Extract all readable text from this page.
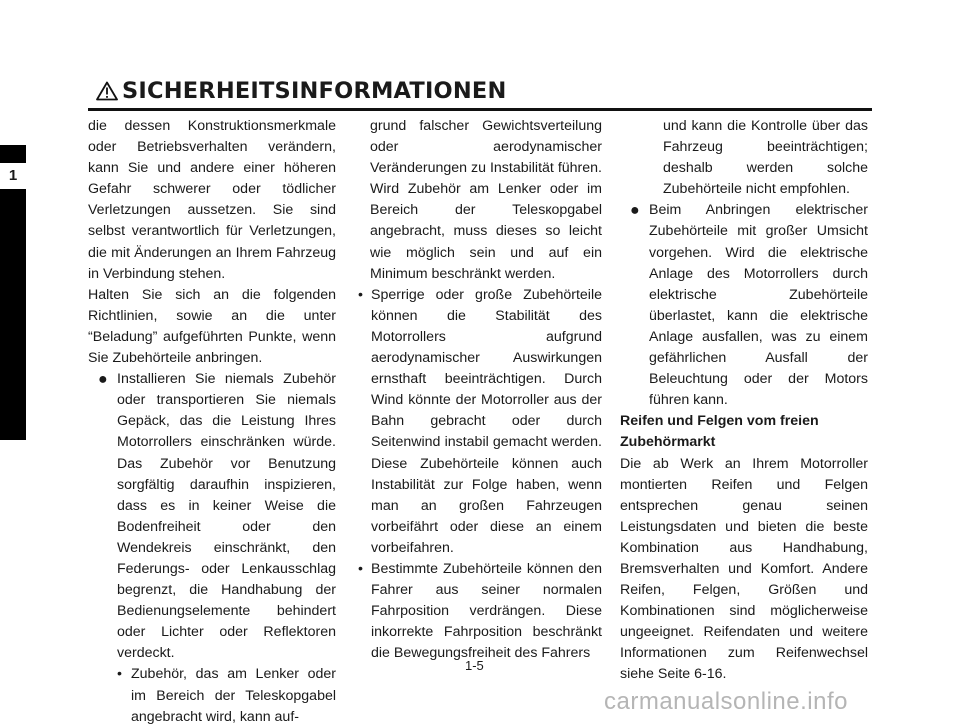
SICHERHEITSINFORMATIONEN
1

die dessen Konstruktionsmerkmale oder Betriebsverhalten verändern, kann Sie und andere einer höheren Gefahr schwerer oder tödlicher Verletzungen aussetzen. Sie sind selbst verantwortlich für Verletzungen, die mit Änderungen an Ihrem Fahrzeug in Verbindung stehen.

Halten Sie sich an die folgenden Richtlinien, sowie an die unter “Beladung” aufgeführten Punkte, wenn Sie Zubehörteile anbringen.

● Installieren Sie niemals Zubehör oder transportieren Sie niemals Gepäck, das die Leistung Ihres Motorrollers einschränken würde. Das Zubehör vor Benutzung sorgfältig daraufhin inspizieren, dass es in keiner Weise die Bodenfreiheit oder den Wendekreis einschränkt, den Federungs- oder Lenkausschlag begrenzt, die Handhabung der Bedienungselemente behindert oder Lichter oder Reflektoren verdeckt.
• Zubehör, das am Lenker oder im Bereich der Teleskopgabel angebracht wird, kann auf-

grund falscher Gewichtsverteilung oder aerodynamischer Veränderungen zu Instabilität führen. Wird Zubehör am Lenker oder im Bereich der Telesкopgabel angebracht, muss dieses so leicht wie möglich sein und auf ein Minimum beschränkt werden.

• Sperrige oder große Zubehörteile können die Stabilität des Motorrollers aufgrund aerodynamischer Auswirkungen ernsthaft beeinträchtigen. Durch Wind könnte der Motorroller aus der Bahn gebracht oder durch Seitenwind instabil gemacht werden. Diese Zubehörteile können auch Instabilität zur Folge haben, wenn man an großen Fahrzeugen vorbeifährt oder diese an einem vorbeifahren.
• Bestimmte Zubehörteile können den Fahrer aus seiner normalen Fahrposition verdrängen. Diese inkorrekte Fahrposition beschränkt die Bewegungsfreiheit des Fahrers

und kann die Kontrolle über das Fahrzeug beeinträchtigen; deshalb werden solche Zubehörteile nicht empfohlen.

● Beim Anbringen elektrischer Zubehörteile mit großer Umsicht vorgehen. Wird die elektrische Anlage des Motorrollers durch elektrische Zubehörteile überlastet, kann die elektrische Anlage ausfallen, was zu einem gefährlichen Ausfall der Beleuchtung oder der Motors führen kann.

Reifen und Felgen vom freien Zubehörmarkt

Die ab Werk an Ihrem Motorroller montierten Reifen und Felgen entsprechen genau seinen Leistungsdaten und bieten die beste Kombination aus Handhabung, Bremsverhalten und Komfort. Andere Reifen, Felgen, Größen und Kombinationen sind möglicherweise ungeeignet. Reifendaten und weitere Informationen zum Reifenwechsel siehe Seite 6-16.

1-5
carmanualsonline.info
